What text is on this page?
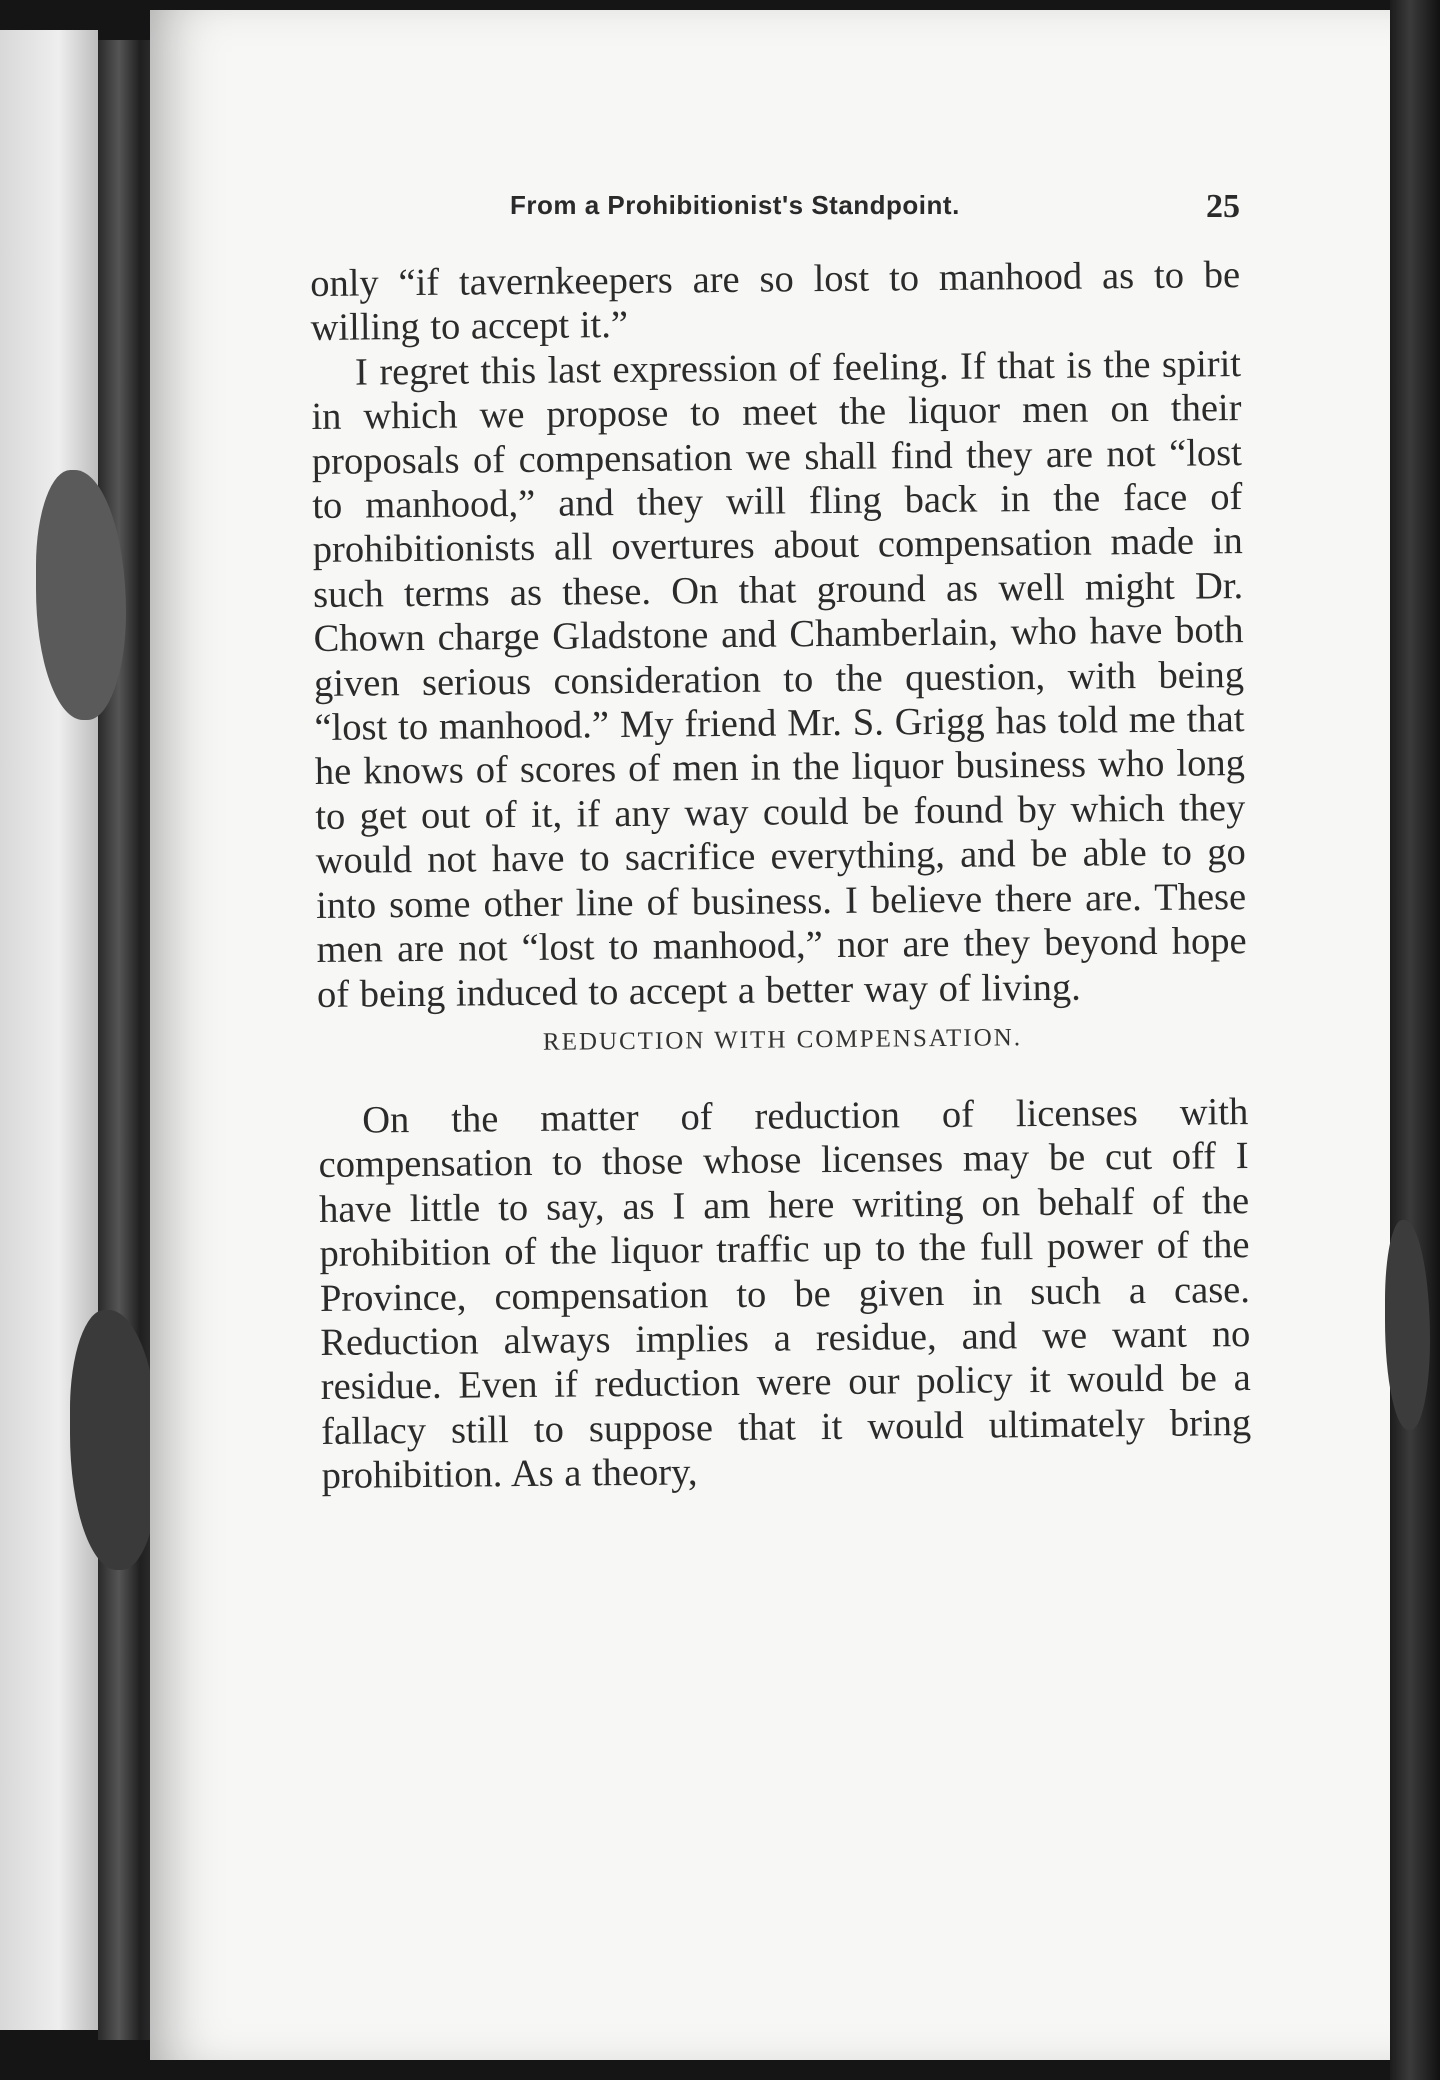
From a Prohibitionist's Standpoint.	25

only “if tavernkeepers are so lost to manhood as to be willing to accept it.”

I regret this last expression of feeling. If that is the spirit in which we propose to meet the liquor men on their proposals of compensation we shall find they are not “lost to manhood,” and they will fling back in the face of prohibitionists all overtures about compensation made in such terms as these. On that ground as well might Dr. Chown charge Gladstone and Chamberlain, who have both given serious consideration to the question, with being “lost to manhood.” My friend Mr. S. Grigg has told me that he knows of scores of men in the liquor business who long to get out of it, if any way could be found by which they would not have to sacrifice everything, and be able to go into some other line of business. I believe there are. These men are not “lost to manhood,” nor are they beyond hope of being induced to accept a better way of living.

REDUCTION WITH COMPENSATION.

On the matter of reduction of licenses with compensation to those whose licenses may be cut off I have little to say, as I am here writing on behalf of the prohibition of the liquor traffic up to the full power of the Province, compensation to be given in such a case. Reduction always implies a residue, and we want no residue. Even if reduction were our policy it would be a fallacy still to suppose that it would ultimately bring prohibition. As a theory,
